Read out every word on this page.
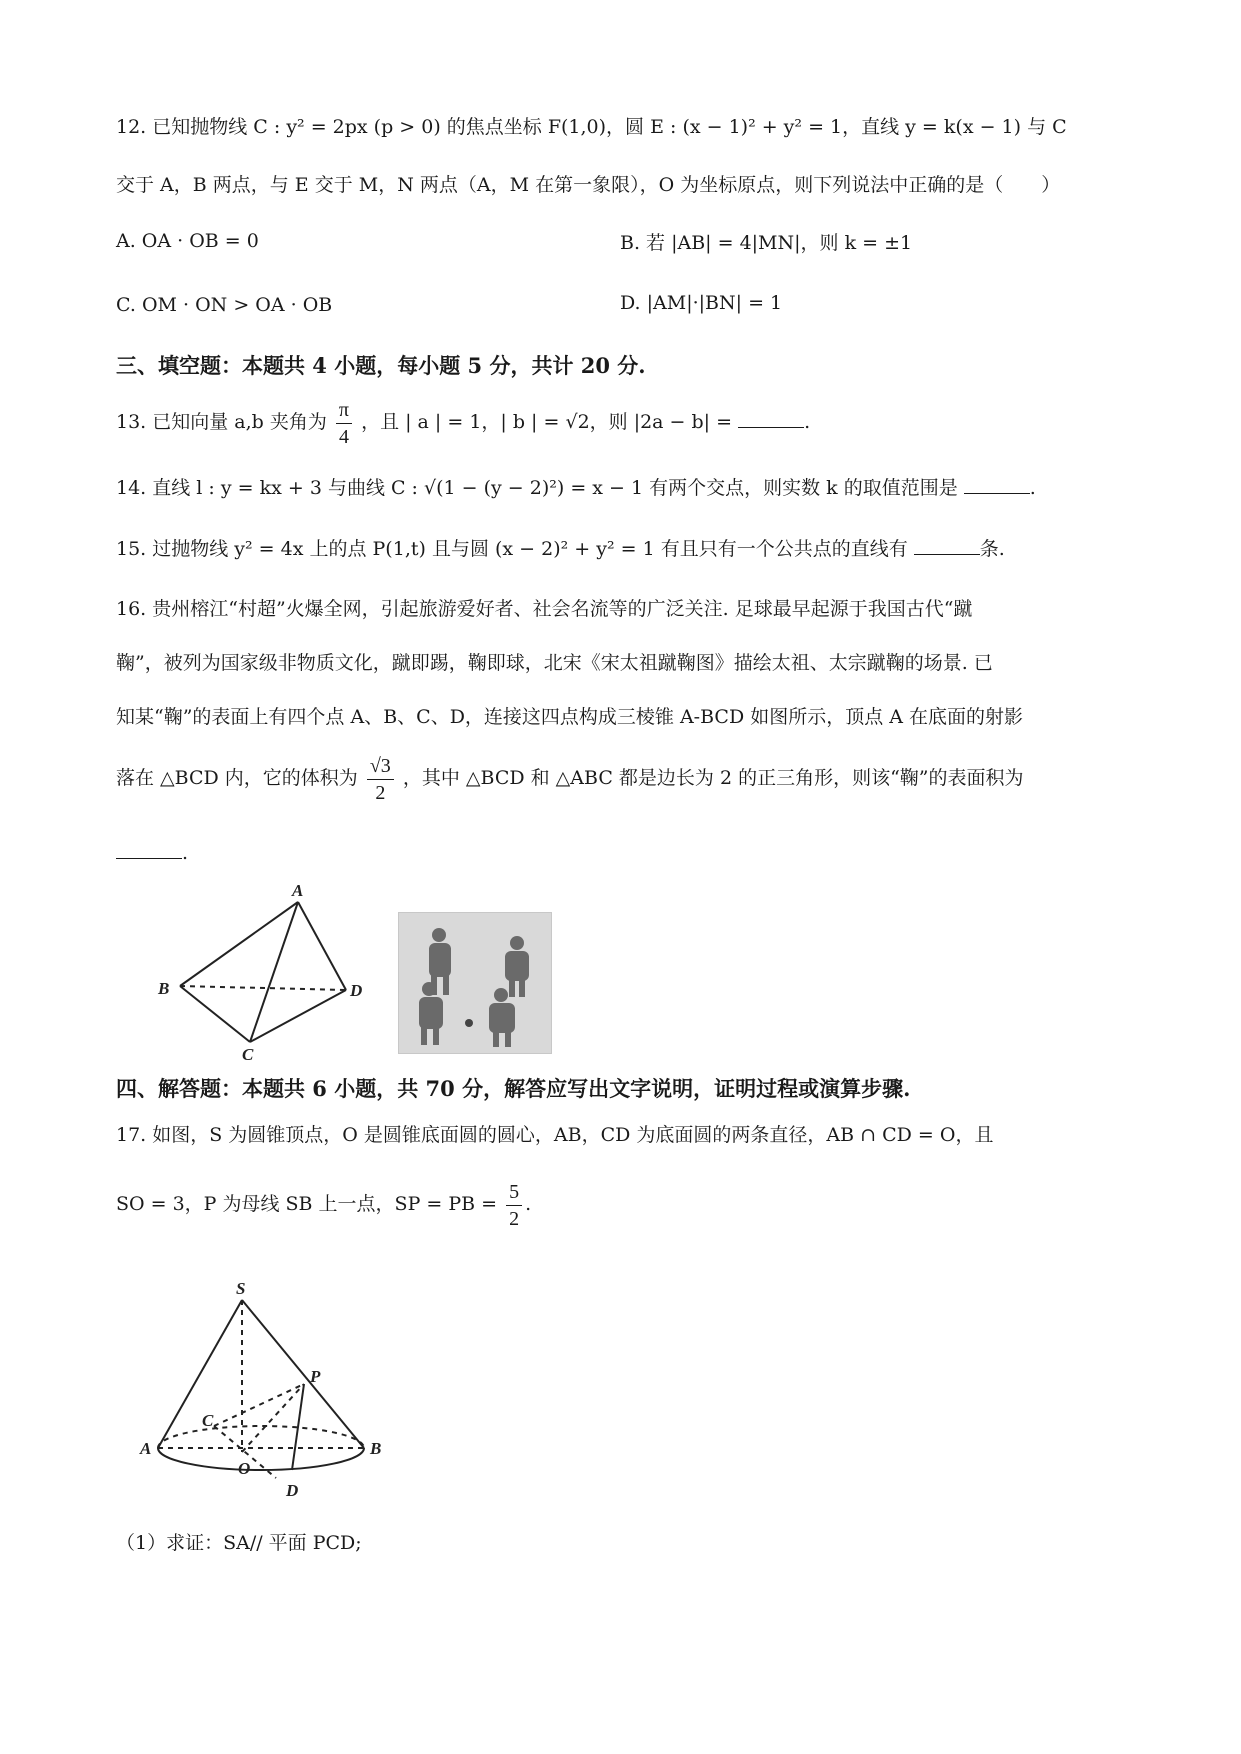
12. 已知抛物线 C : y² = 2px (p > 0) 的焦点坐标 F(1,0)，圆 E : (x − 1)² + y² = 1，直线 y = k(x − 1) 与 C
交于 A，B 两点，与 E 交于 M，N 两点（A，M 在第一象限），O 为坐标原点，则下列说法中正确的是（　　）
A. OA · OB = 0	B. 若 |AB| = 4|MN|，则 k = ±1
C. OM · ON > OA · OB	D. |AM|·|BN| = 1
三、填空题：本题共 4 小题，每小题 5 分，共计 20 分.
13. 已知向量 a,b 夹角为 $\frac{\pi}{4}$ ，且 | a | = 1，| b | = √2，则 |2a − b| =	.
14. 直线 l : y = kx + 3 与曲线 C : √(1 − (y − 2)²) = x − 1 有两个交点，则实数 k 的取值范围是	.
15. 过抛物线 y² = 4x 上的点 P(1,t) 且与圆 (x − 2)² + y² = 1 有且只有一个公共点的直线有	条.
16. 贵州榕江“村超”火爆全网，引起旅游爱好者、社会名流等的广泛关注. 足球最早起源于我国古代“蹴
鞠”，被列为国家级非物质文化，蹴即踢，鞠即球，北宋《宋太祖蹴鞠图》描绘太祖、太宗蹴鞠的场景. 已
知某“鞠”的表面上有四个点 A、B、C、D，连接这四点构成三棱锥 A-BCD 如图所示，顶点 A 在底面的射影
落在 △BCD 内，它的体积为 $\frac{√3}{2}$ ，其中 △BCD 和 △ABC 都是边长为 2 的正三角形，则该“鞠”的表面积为
.
A
B
C
D
四、解答题：本题共 6 小题，共 70 分，解答应写出文字说明，证明过程或演算步骤.
17. 如图，S 为圆锥顶点，O 是圆锥底面圆的圆心，AB，CD 为底面圆的两条直径，AB ∩ CD = O，且
SO = 3，P 为母线 SB 上一点，SP = PB = $\frac{5}{2}$ .
S
P
C
A
O
B
D
（1）求证：SA// 平面 PCD;
